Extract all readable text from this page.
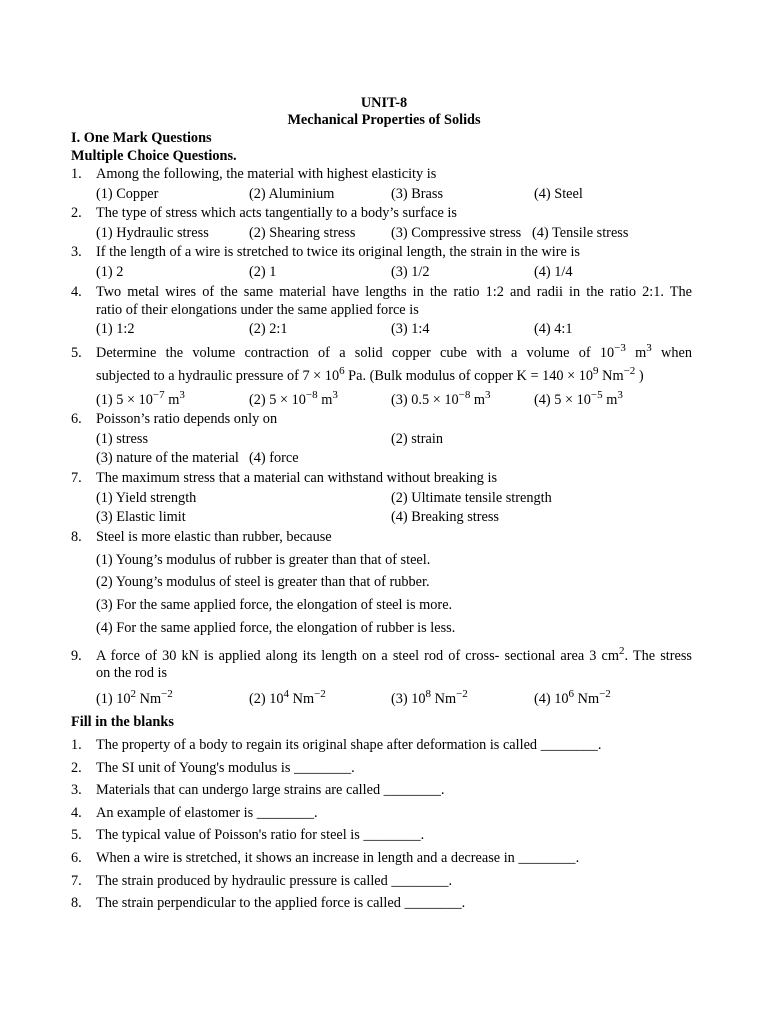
UNIT-8
Mechanical Properties of Solids
I. One Mark Questions
Multiple Choice Questions.
1. Among the following, the material with highest elasticity is
(1) Copper	(2) Aluminium	(3) Brass	(4) Steel
2. The type of stress which acts tangentially to a body’s surface is
(1) Hydraulic stress	(2) Shearing stress (3) Compressive stress (4) Tensile stress
3. If the length of a wire is stretched to twice its original length, the strain in the wire is
(1) 2	(2) 1	(3) 1/2	(4) 1/4
4. Two metal wires of the same material have lengths in the ratio 1:2 and radii in the ratio 2:1. The
ratio of their elongations under the same applied force is
(1) 1:2	(2) 2:1	(3) 1:4	(4) 4:1
5. Determine the volume contraction of a solid copper cube with a volume of $10^{-3}$ $m^3$ when
subjected to a hydraulic pressure of $7 \times 10^6$ Pa. (Bulk modulus of copper $K = 140 \times 10^9$ $Nm^{-2}$ )
(1) $5 \times 10^{-7}$ $m^3$	(2) $5 \times 10^{-8}$ $m^3$	(3) $0.5 \times 10^{-8}$ $m^3$	(4) $5 \times 10^{-5}$ $m^3$
6. Poisson’s ratio depends only on
(1) stress	(2) strain
(3) nature of the material (4) force
7. The maximum stress that a material can withstand without breaking is
(1) Yield strength	(2) Ultimate tensile strength
(3) Elastic limit	(4) Breaking stress
8. Steel is more elastic than rubber, because
(1) Young’s modulus of rubber is greater than that of steel.
(2) Young’s modulus of steel is greater than that of rubber.
(3) For the same applied force, the elongation of steel is more.
(4) For the same applied force, the elongation of rubber is less.
9. A force of 30 kN is applied along its length on a steel rod of cross- sectional area 3 $cm^2$. The stress
on the rod is
(1) $10^2$ $Nm^{-2}$	(2) $10^4$ $Nm^{-2}$	(3) $10^8$ $Nm^{-2}$	(4) $10^6$ $Nm^{-2}$
Fill in the blanks
1. The property of a body to regain its original shape after deformation is called ________.
2. The SI unit of Young's modulus is ________.
3. Materials that can undergo large strains are called ________.
4. An example of elastomer is ________.
5. The typical value of Poisson's ratio for steel is ________.
6. When a wire is stretched, it shows an increase in length and a decrease in ________.
7. The strain produced by hydraulic pressure is called ________.
8. The strain perpendicular to the applied force is called ________.
